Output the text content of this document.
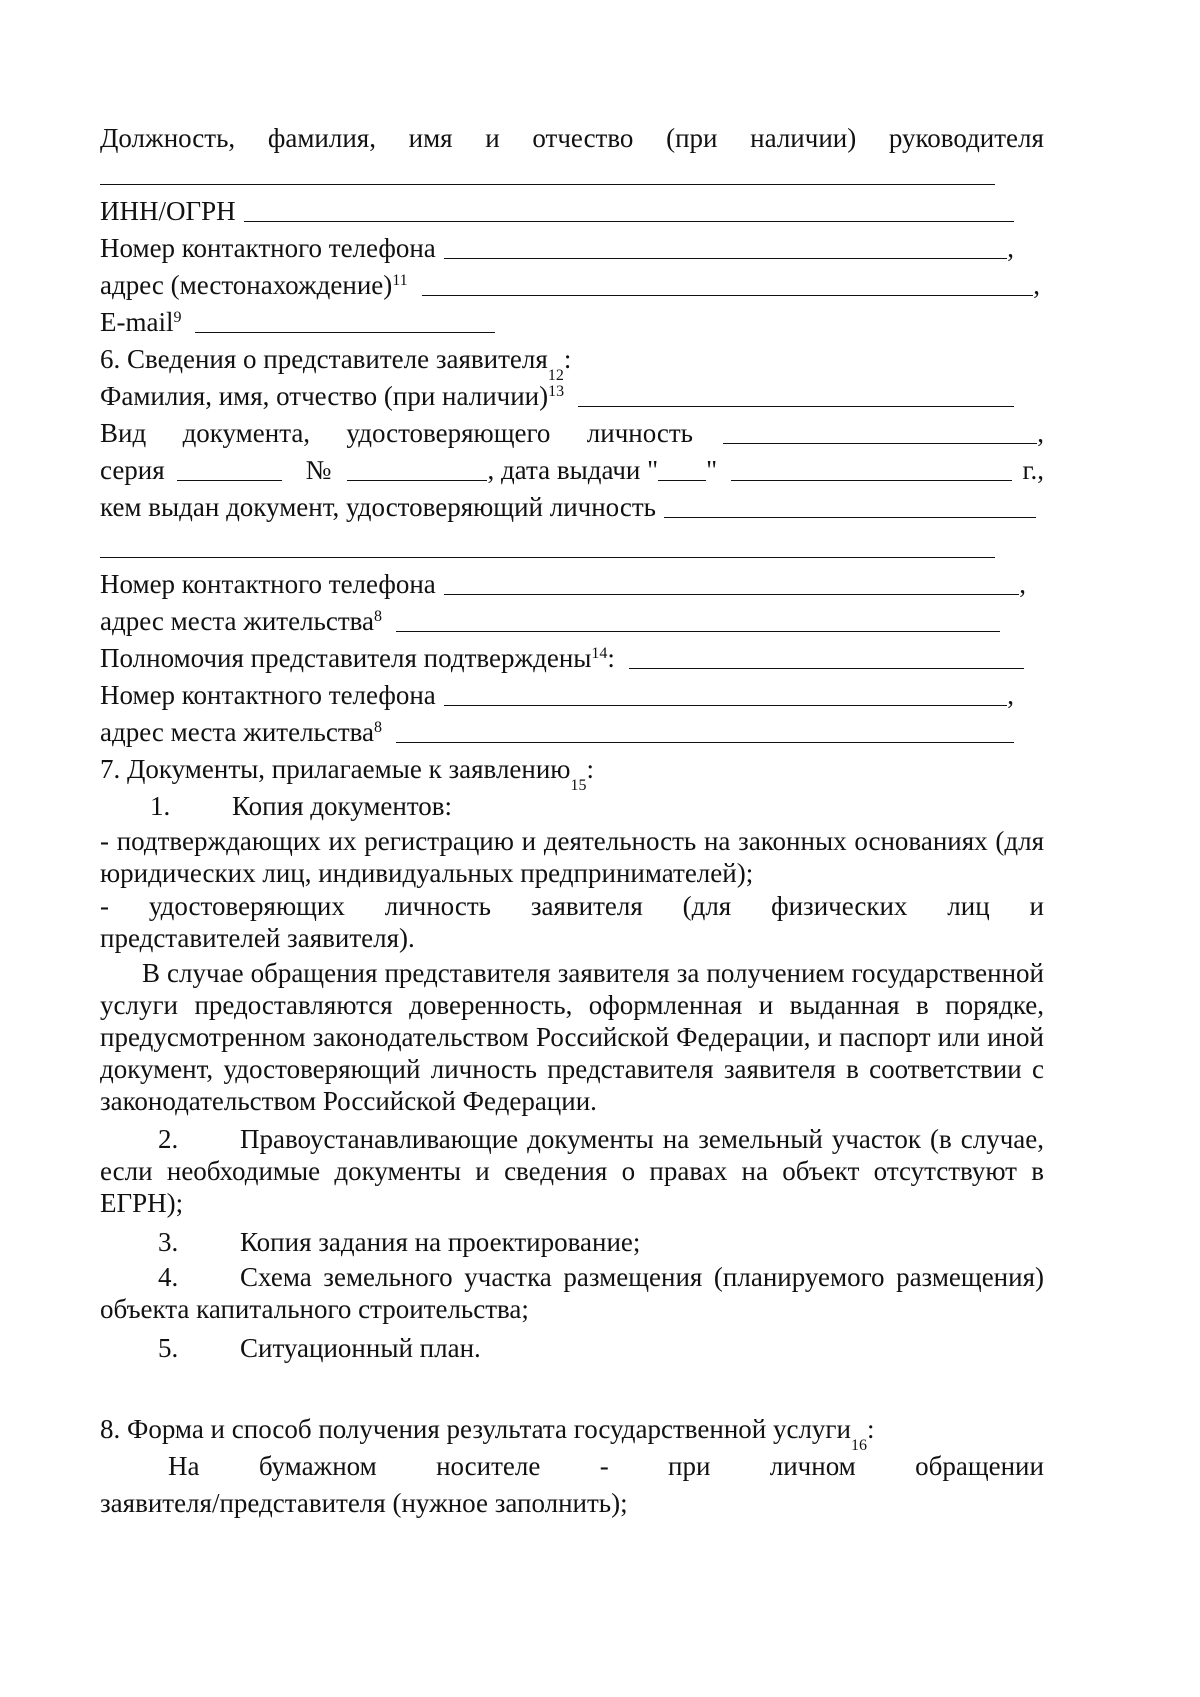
Должность, фамилия, имя и отчество (при наличии) руководителя
ИНН/ОГРН
Номер контактного телефона	,
адрес (местонахождение)$^{11}$	,
E-mail$^9$
6. Сведения о представителе заявителя
12
:
Фамилия, имя, отчество (при наличии)$^{13}$
Вид документа, удостоверяющего личность	,
серия	№	, дата выдачи " "	г.,
кем выдан документ, удостоверяющий личность
Номер контактного телефона	,
адрес места жительства$^8$
Полномочия представителя подтверждены$^{14}$:
Номер контактного телефона	,
адрес места жительства$^8$
7. Документы, прилагаемые к заявлению
15
:
1.	Копия документов:

- подтверждающих их регистрацию и деятельность на законных основаниях (для юридических лиц, индивидуальных предпринимателей);

- удостоверяющих личность заявителя (для физических лиц и
представителей заявителя).

В случае обращения представителя заявителя за получением государственной услуги предоставляются доверенность, оформленная и выданная в порядке, предусмотренном законодательством Российской Федерации, и паспорт или иной документ, удостоверяющий личность представителя заявителя в соответствии с законодательством Российской Федерации.

2. Правоустанавливающие документы на земельный участок (в случае, если необходимые документы и сведения о правах на объект отсутствуют в ЕГРН);

3.	Копия задания на проектирование;

4. Схема земельного участка размещения (планируемого размещения) объекта капитального строительства;

5.	Ситуационный план.
8. Форма и способ получения результата государственной услуги
16
:
На бумажном носителе - при личном обращении
заявителя/представителя (нужное заполнить);
